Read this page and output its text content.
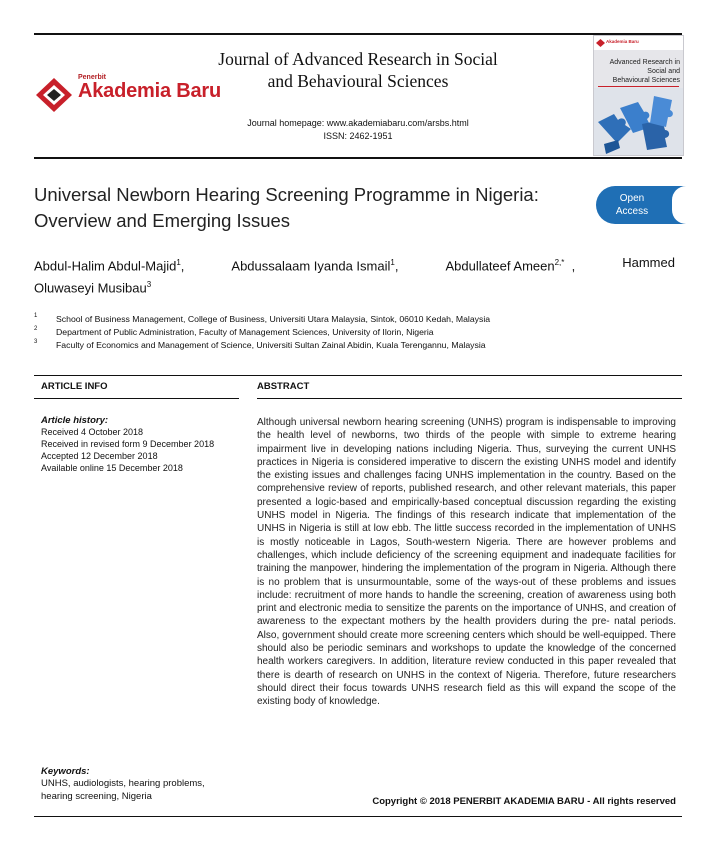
Penerbit
Akademia Baru
Journal of Advanced Research in Social
and Behavioural Sciences
Journal homepage: www.akademiabaru.com/arsbs.html
ISSN: 2462-1951
Akademia Baru
Advanced Research in
Social and
Behavioural Sciences
Universal Newborn Hearing Screening Programme in Nigeria:
Overview and Emerging Issues
Open
Access
Abdul-Halim Abdul-Majid$^1$,	Abdussalaam Iyanda Ismail$^1$,	Abdullateef Ameen$^{2,*}$  ,	Hammed
Oluwaseyi Musibau$^3$
1 School of Business Management, College of Business, Universiti Utara Malaysia, Sintok, 06010 Kedah, Malaysia
2 Department of Public Administration, Faculty of Management Sciences, University of Ilorin, Nigeria
3 Faculty of Economics and Management of Science, Universiti Sultan Zainal Abidin, Kuala Terengannu, Malaysia
ARTICLE INFO
Article history:
Received 4 October 2018
Received in revised form 9 December 2018
Accepted 12 December 2018
Available online 15 December 2018
Keywords:
UNHS, audiologists, hearing problems,
hearing screening, Nigeria
ABSTRACT
Although universal newborn hearing screening (UNHS) program is indispensable to improving the health level of newborns, two thirds of the people with simple to extreme hearing impairment live in developing nations including Nigeria. Thus, surveying the current UNHS practices in Nigeria is considered imperative to discern the existing UNHS model and identify the existing issues and challenges facing UNHS implementation in the country. Based on the comprehensive review of reports, published research, and other relevant materials, this paper presented a logic-based and empirically-based conceptual discussion regarding the existing UNHS model in Nigeria. The findings of this research indicate that implementation of the UNHS in Nigeria is still at low ebb. The little success recorded in the implementation of UNHS is mostly noticeable in Lagos, South-western Nigeria. There are however problems and challenges, which include deficiency of the screening equipment and inadequate facilities for training the manpower, hindering the implementation of the program in Nigeria. Although there is no problem that is unsurmountable, some of the ways-out of these problems and issues include: recruitment of more hands to handle the screening, creation of awareness using both print and electronic media to sensitize the parents on the importance of UNHS, and creation of awareness to the expectant mothers by the health providers during the pre- natal periods. Also, government should create more screening centers which should be well-equipped. There should also be periodic seminars and workshops to update the knowledge of the concerned health workers caregivers. In addition, literature review conducted in this paper revealed that there is dearth of research on UNHS in the context of Nigeria. Therefore, future researchers should direct their focus towards UNHS research field as this will expand the scope of the existing body of knowledge.
Copyright © 2018 PENERBIT AKADEMIA BARU - All rights reserved
